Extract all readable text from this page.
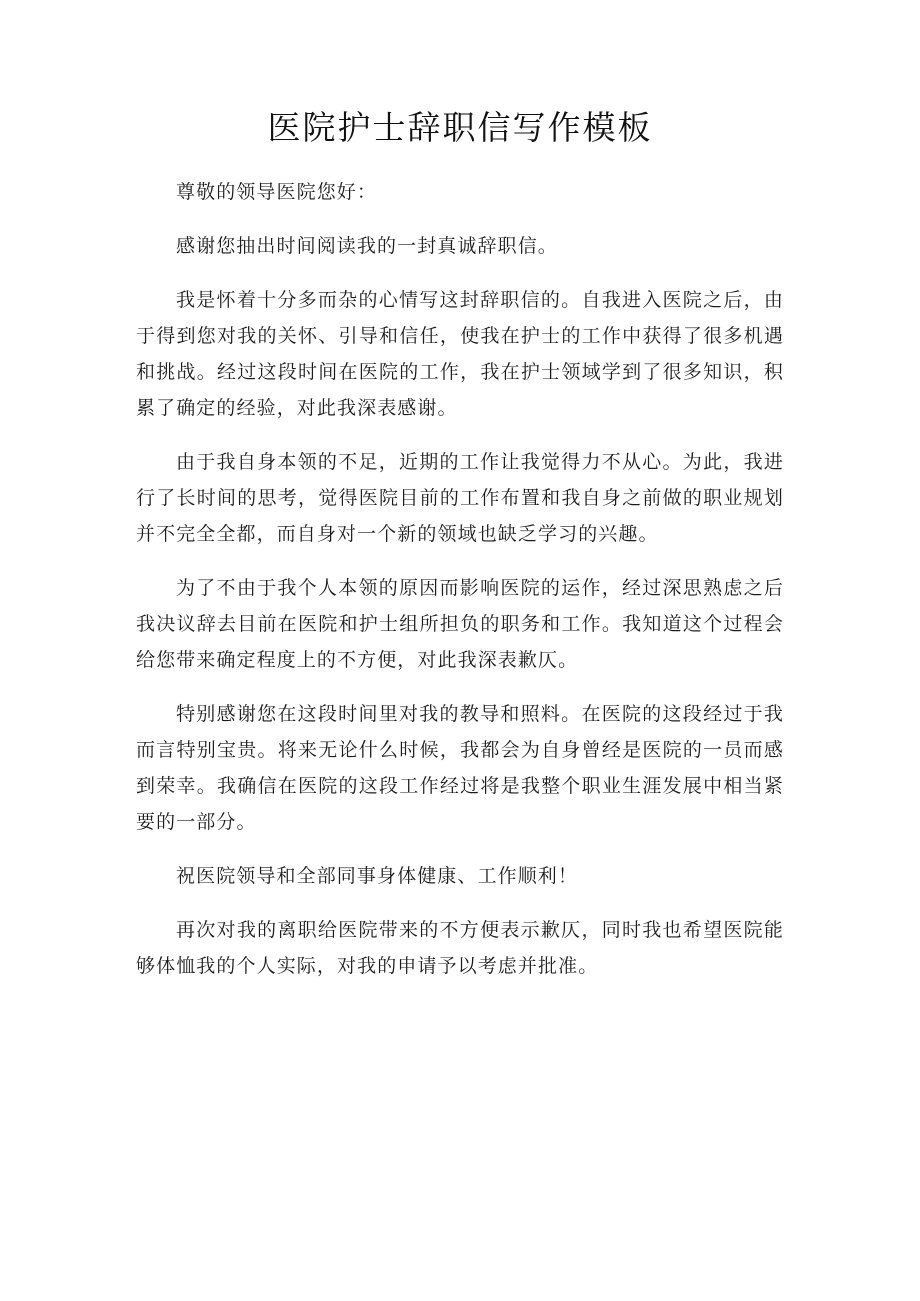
医院护士辞职信写作模板

尊敬的领导医院您好：

感谢您抽出时间阅读我的一封真诚辞职信。

我是怀着十分多而杂的心情写这封辞职信的。自我进入医院之后，由于得到您对我的关怀、引导和信任，使我在护士的工作中获得了很多机遇和挑战。经过这段时间在医院的工作，我在护士领域学到了很多知识，积累了确定的经验，对此我深表感谢。

由于我自身本领的不足，近期的工作让我觉得力不从心。为此，我进行了长时间的思考，觉得医院目前的工作布置和我自身之前做的职业规划并不完全全都，而自身对一个新的领域也缺乏学习的兴趣。

为了不由于我个人本领的原因而影响医院的运作，经过深思熟虑之后我决议辞去目前在医院和护士组所担负的职务和工作。我知道这个过程会给您带来确定程度上的不方便，对此我深表歉仄。

特别感谢您在这段时间里对我的教导和照料。在医院的这段经过于我而言特别宝贵。将来无论什么时候，我都会为自身曾经是医院的一员而感到荣幸。我确信在医院的这段工作经过将是我整个职业生涯发展中相当紧要的一部分。

祝医院领导和全部同事身体健康、工作顺利！

再次对我的离职给医院带来的不方便表示歉仄，同时我也希望医院能够体恤我的个人实际，对我的申请予以考虑并批准。
